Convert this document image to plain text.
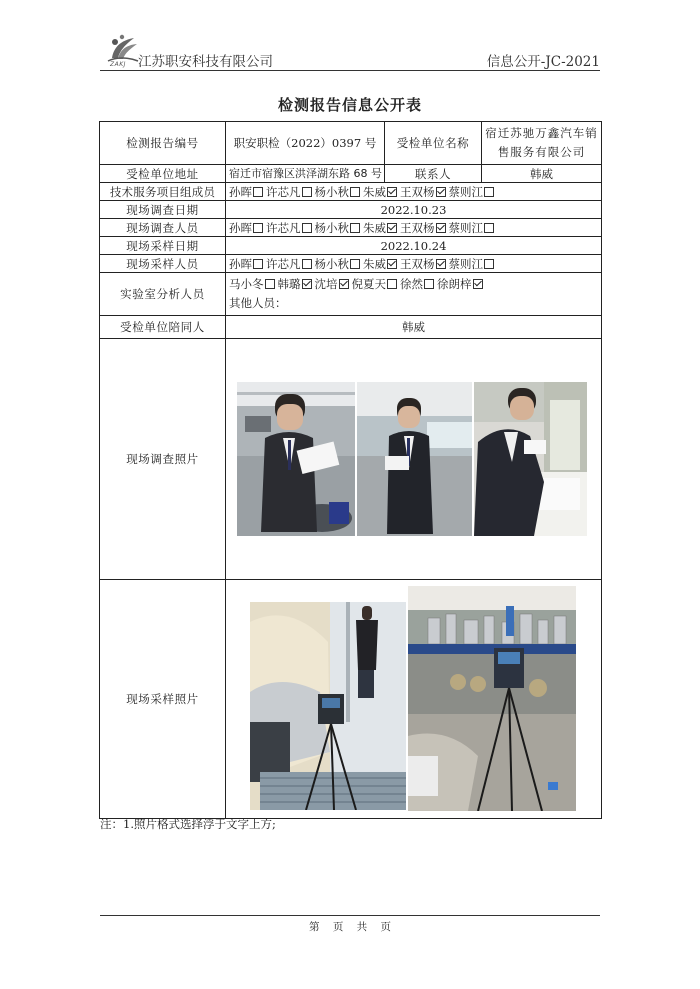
ZAKJ 江苏职安科技有限公司	信息公开-JC-2021
检测报告信息公开表
检测报告编号	职安职检（2022）0397 号	受检单位名称	宿迁苏驰万鑫汽车销售服务有限公司
受检单位地址	宿迁市宿豫区洪泽湖东路 68 号	联系人	韩威
技术服务项目组成员	孙晖 许芯凡 杨小秋 朱威 王双杨 蔡则江		
现场调查日期	2022.10.23		
现场调查人员	孙晖 许芯凡 杨小秋 朱威 王双杨 蔡则江		
现场采样日期	2022.10.24		
现场采样人员	孙晖 许芯凡 杨小秋 朱威 王双杨 蔡则江		
实验室分析人员	马小冬 韩璐 沈培 倪夏天 徐然 徐朗梓
其他人员：		

受检单位陪同人	韩威		
现场调查照片	

现场采样照片	
注：1.照片格式选择浮于文字上方;
第 页 共 页
